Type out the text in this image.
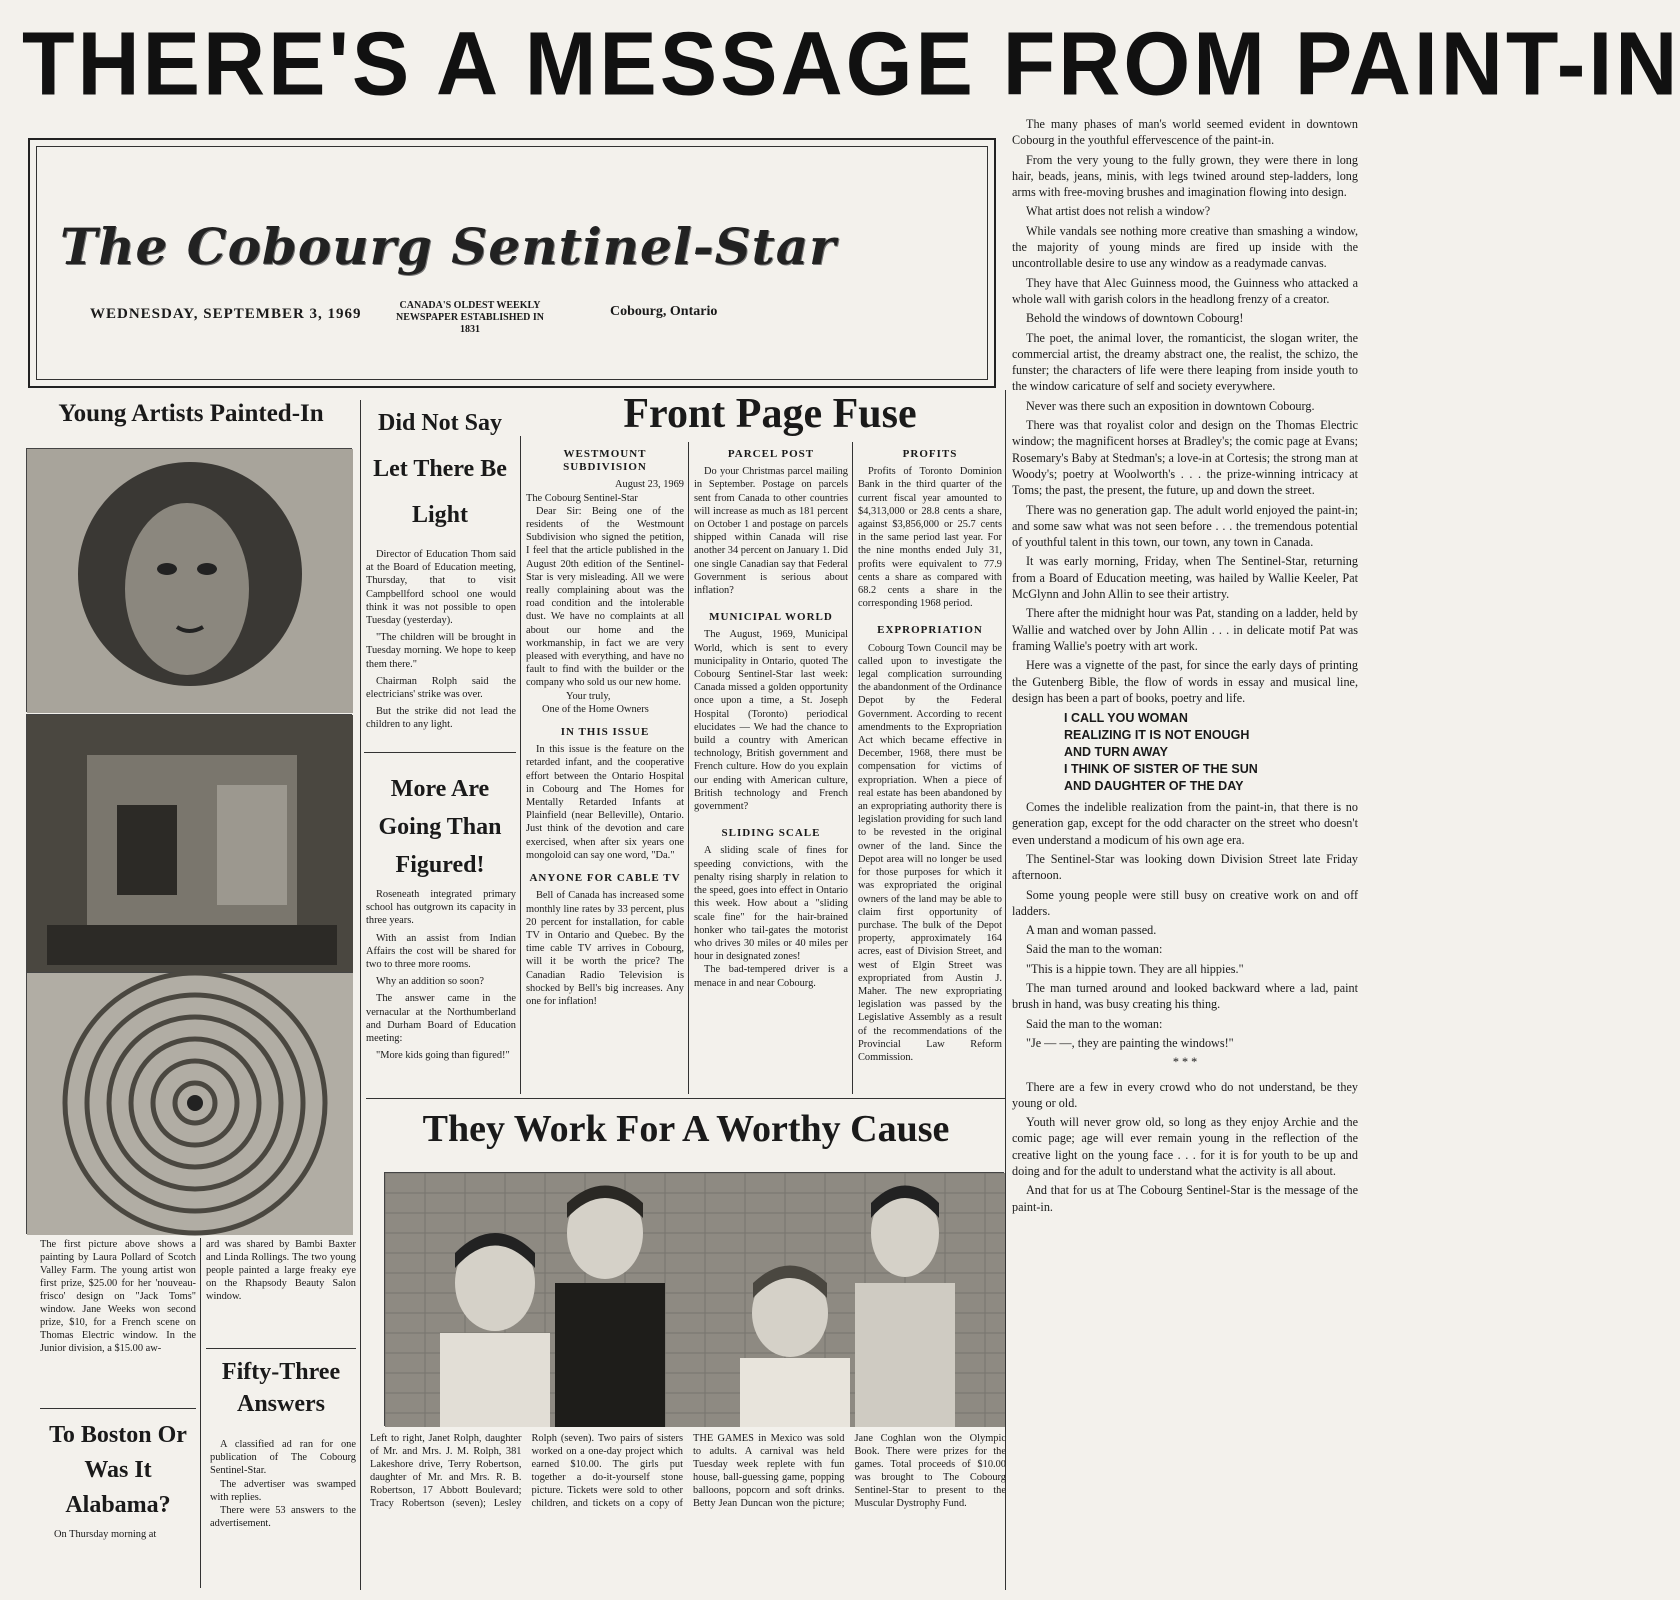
THERE'S A MESSAGE FROM PAINT-IN
The Cobourg Sentinel-Star
WEDNESDAY, SEPTEMBER 3, 1969
CANADA'S OLDEST WEEKLY NEWSPAPER ESTABLISHED IN 1831
Cobourg, Ontario

The many phases of man's world seemed evident in downtown Cobourg in the youthful effervescence of the paint-in.

From the very young to the fully grown, they were there in long hair, beads, jeans, minis, with legs twined around step-ladders, long arms with free-moving brushes and imagination flowing into design.

What artist does not relish a window?

While vandals see nothing more creative than smashing a window, the majority of young minds are fired up inside with the uncontrollable desire to use any window as a readymade canvas.

They have that Alec Guinness mood, the Guinness who attacked a whole wall with garish colors in the headlong frenzy of a creator.

Behold the windows of downtown Cobourg!

The poet, the animal lover, the romanticist, the slogan writer, the commercial artist, the dreamy abstract one, the realist, the schizo, the funster; the characters of life were there leaping from inside youth to the window caricature of self and society everywhere.

Never was there such an exposition in downtown Cobourg.

There was that royalist color and design on the Thomas Electric window; the magnificent horses at Bradley's; the comic page at Evans; Rosemary's Baby at Stedman's; a love-in at Cortesis; the strong man at Woody's; poetry at Woolworth's . . . the prize-winning intricacy at Toms; the past, the present, the future, up and down the street.

There was no generation gap. The adult world enjoyed the paint-in; and some saw what was not seen before . . . the tremendous potential of youthful talent in this town, our town, any town in Canada.

It was early morning, Friday, when The Sentinel-Star, returning from a Board of Education meeting, was hailed by Wallie Keeler, Pat McGlynn and John Allin to see their artistry.

There after the midnight hour was Pat, standing on a ladder, held by Wallie and watched over by John Allin . . . in delicate motif Pat was framing Wallie's poetry with art work.

Here was a vignette of the past, for since the early days of printing the Gutenberg Bible, the flow of words in essay and musical line, design has been a part of books, poetry and life.

I CALL YOU WOMAN
REALIZING IT IS NOT ENOUGH
AND TURN AWAY
I THINK OF SISTER OF THE SUN
AND DAUGHTER OF THE DAY

Comes the indelible realization from the paint-in, that there is no generation gap, except for the odd character on the street who doesn't even understand a modicum of his own age era.

The Sentinel-Star was looking down Division Street late Friday afternoon.

Some young people were still busy on creative work on and off ladders.

A man and woman passed.

Said the man to the woman:

"This is a hippie town. They are all hippies."

The man turned around and looked backward where a lad, paint brush in hand, was busy creating his thing.

Said the man to the woman:

"Je — —, they are painting the windows!"

* * *

There are a few in every crowd who do not understand, be they young or old.

Youth will never grow old, so long as they enjoy Archie and the comic page; age will ever remain young in the reflection of the creative light on the young face . . . for it is for youth to be up and doing and for the adult to understand what the activity is all about.

And that for us at The Cobourg Sentinel-Star is the message of the paint-in.

Young Artists Painted-In
The first picture above shows a painting by Laura Pollard of Scotch Valley Farm. The young artist won first prize, $25.00 for her 'nouveau-frisco' design on "Jack Toms" window. Jane Weeks won second prize, $10, for a French scene on Thomas Electric window. In the Junior division, a $15.00 aw-
ard was shared by Bambi Baxter and Linda Rollings. The two young people painted a large freaky eye on the Rhapsody Beauty Salon window.
Fifty-Three Answers

A classified ad ran for one publication of The Cobourg Sentinel-Star.

The advertiser was swamped with replies.

There were 53 answers to the advertisement.

To Boston Or Was It Alabama?

On Thursday morning at

Did Not Say Let There Be Light

Director of Education Thom said at the Board of Education meeting, Thursday, that to visit Campbellford school one would think it was not possible to open Tuesday (yesterday).

"The children will be brought in Tuesday morning. We hope to keep them there."

Chairman Rolph said the electricians' strike was over.

But the strike did not lead the children to any light.

More Are Going Than Figured!

Roseneath integrated primary school has outgrown its capacity in three years.

With an assist from Indian Affairs the cost will be shared for two to three more rooms.

Why an addition so soon?

The answer came in the vernacular at the Northumberland and Durham Board of Education meeting:

"More kids going than figured!"

Front Page Fuse
WESTMOUNT SUBDIVISION
August 23, 1969
The Cobourg Sentinel-Star

Dear Sir: Being one of the residents of the Westmount Subdivision who signed the petition, I feel that the article published in the August 20th edition of the Sentinel-Star is very misleading. All we were really complaining about was the road condition and the intolerable dust. We have no complaints at all about our home and the workmanship, in fact we are very pleased with everything, and have no fault to find with the builder or the company who sold us our new home.

Your truly,
One of the Home Owners
IN THIS ISSUE

In this issue is the feature on the retarded infant, and the cooperative effort between the Ontario Hospital in Cobourg and The Homes for Mentally Retarded Infants at Plainfield (near Belleville), Ontario. Just think of the devotion and care exercised, when after six years one mongoloid can say one word, "Da."

ANYONE FOR CABLE TV

Bell of Canada has increased some monthly line rates by 33 percent, plus 20 percent for installation, for cable TV in Ontario and Quebec. By the time cable TV arrives in Cobourg, will it be worth the price? The Canadian Radio Television is shocked by Bell's big increases. Any one for inflation!

PARCEL POST

Do your Christmas parcel mailing in September. Postage on parcels sent from Canada to other countries will increase as much as 181 percent on October 1 and postage on parcels shipped within Canada will rise another 34 percent on January 1. Did one single Canadian say that Federal Government is serious about inflation?

MUNICIPAL WORLD

The August, 1969, Municipal World, which is sent to every municipality in Ontario, quoted The Cobourg Sentinel-Star last week: Canada missed a golden opportunity once upon a time, a St. Joseph Hospital (Toronto) periodical elucidates — We had the chance to build a country with American technology, British government and French culture. How do you explain our ending with American culture, British technology and French government?

SLIDING SCALE

A sliding scale of fines for speeding convictions, with the penalty rising sharply in relation to the speed, goes into effect in Ontario this week. How about a "sliding scale fine" for the hair-brained honker who tail-gates the motorist who drives 30 miles or 40 miles per hour in designated zones!

The bad-tempered driver is a menace in and near Cobourg.

PROFITS

Profits of Toronto Dominion Bank in the third quarter of the current fiscal year amounted to $4,313,000 or 28.8 cents a share, against $3,856,000 or 25.7 cents in the same period last year. For the nine months ended July 31, profits were equivalent to 77.9 cents a share as compared with 68.2 cents a share in the corresponding 1968 period.

EXPROPRIATION

Cobourg Town Council may be called upon to investigate the legal complication surrounding the abandonment of the Ordinance Depot by the Federal Government. According to recent amendments to the Expropriation Act which became effective in December, 1968, there must be compensation for victims of expropriation. When a piece of real estate has been abandoned by an expropriating authority there is legislation providing for such land to be revested in the original owner of the land. Since the Depot area will no longer be used for those purposes for which it was expropriated the original owners of the land may be able to claim first opportunity of purchase. The bulk of the Depot property, approximately 164 acres, east of Division Street, and west of Elgin Street was expropriated from Austin J. Maher. The new expropriating legislation was passed by the Legislative Assembly as a result of the recommendations of the Provincial Law Reform Commission.

They Work For A Worthy Cause
Left to right, Janet Rolph, daughter of Mr. and Mrs. J. M. Rolph, 381 Lakeshore drive, Terry Robertson, daughter of Mr. and Mrs. R. B. Robertson, 17 Abbott Boulevard; Tracy Robertson (seven); Lesley Rolph (seven). Two pairs of sisters worked on a one-day project which earned $10.00. The girls put together a do-it-yourself stone picture. Tickets were sold to other children, and tickets on a copy of THE GAMES in Mexico was sold to adults. A carnival was held Tuesday week replete with fun house, ball-guessing game, popping balloons, popcorn and soft drinks. Betty Jean Duncan won the picture; Jane Coghlan won the Olympic Book. There were prizes for the games. Total proceeds of $10.00 was brought to The Cobourg Sentinel-Star to present to the Muscular Dystrophy Fund.
